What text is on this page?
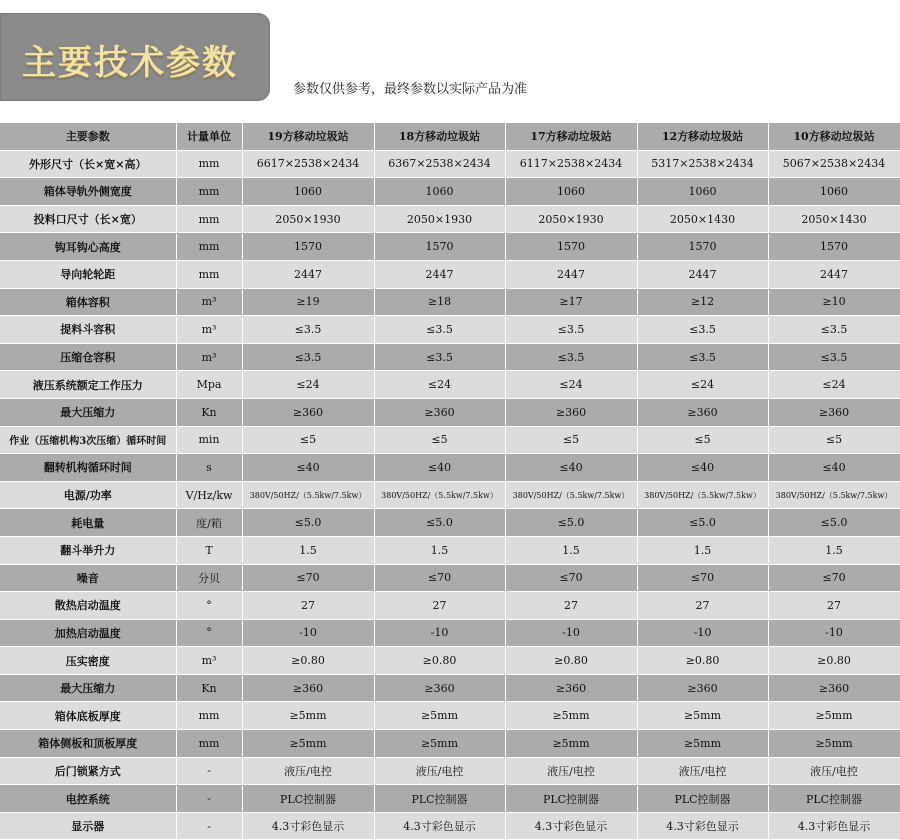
主要技术参数
参数仅供参考，最终参数以实际产品为准
主要参数	计量单位	19方移动垃圾站	18方移动垃圾站	17方移动垃圾站	12方移动垃圾站	10方移动垃圾站
外形尺寸（长×宽×高）	mm	6617×2538×2434	6367×2538×2434	6117×2538×2434	5317×2538×2434	5067×2538×2434
箱体导轨外侧宽度	mm	1060	1060	1060	1060	1060
投料口尺寸（长×宽）	mm	2050×1930	2050×1930	2050×1930	2050×1430	2050×1430
钩耳钩心高度	mm	1570	1570	1570	1570	1570
导向轮轮距	mm	2447	2447	2447	2447	2447
箱体容积	m³	≥19	≥18	≥17	≥12	≥10
提料斗容积	m³	≤3.5	≤3.5	≤3.5	≤3.5	≤3.5
压缩仓容积	m³	≤3.5	≤3.5	≤3.5	≤3.5	≤3.5
液压系统额定工作压力	Mpa	≤24	≤24	≤24	≤24	≤24
最大压缩力	Kn	≥360	≥360	≥360	≥360	≥360
作业（压缩机构3次压缩）循环时间	min	≤5	≤5	≤5	≤5	≤5
翻转机构循环时间	s	≤40	≤40	≤40	≤40	≤40
电源/功率	V/Hz/kw	380V/50HZ/（5.5kw/7.5kw）	380V/50HZ/（5.5kw/7.5kw）	380V/50HZ/（5.5kw/7.5kw）	380V/50HZ/（5.5kw/7.5kw）	380V/50HZ/（5.5kw/7.5kw）
耗电量	度/箱	≤5.0	≤5.0	≤5.0	≤5.0	≤5.0
翻斗举升力	T	1.5	1.5	1.5	1.5	1.5
噪音	分贝	≤70	≤70	≤70	≤70	≤70
散热启动温度	°	27	27	27	27	27
加热启动温度	°	-10	-10	-10	-10	-10
压实密度	m³	≥0.80	≥0.80	≥0.80	≥0.80	≥0.80
最大压缩力	Kn	≥360	≥360	≥360	≥360	≥360
箱体底板厚度	mm	≥5mm	≥5mm	≥5mm	≥5mm	≥5mm
箱体侧板和顶板厚度	mm	≥5mm	≥5mm	≥5mm	≥5mm	≥5mm
后门锁紧方式	-	液压/电控	液压/电控	液压/电控	液压/电控	液压/电控
电控系统	-	PLC控制器	PLC控制器	PLC控制器	PLC控制器	PLC控制器
显示器	-	4.3寸彩色显示	4.3寸彩色显示	4.3寸彩色显示	4.3寸彩色显示	4.3寸彩色显示
